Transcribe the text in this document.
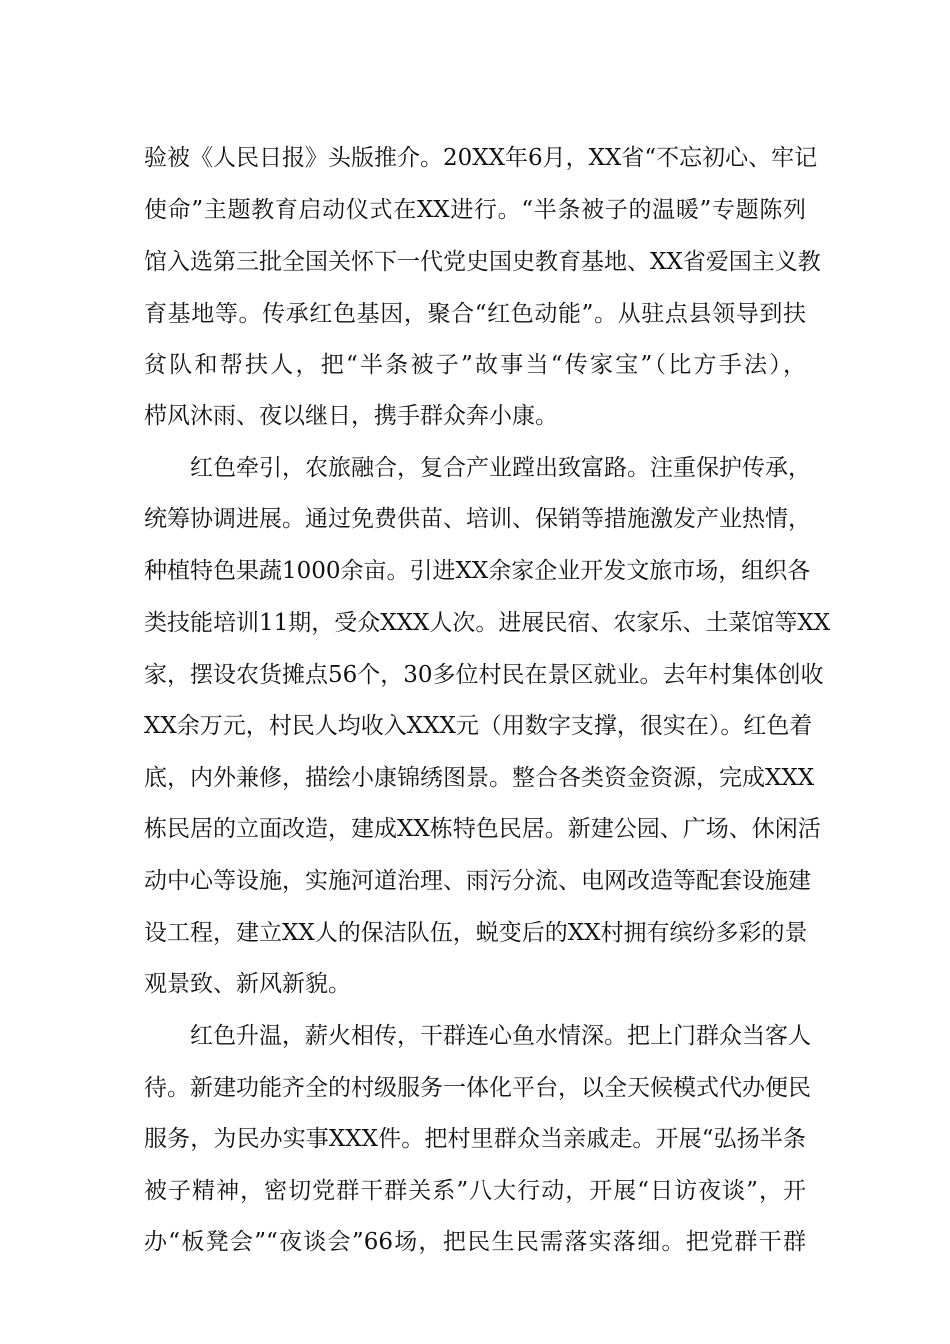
验被《人民日报》头版推介。20XX年6月，XX省“不忘初心、牢记
使命”主题教育启动仪式在XX进行。“半条被子的温暖”专题陈列
馆入选第三批全国关怀下一代党史国史教育基地、XX省爱国主义教
育基地等。传承红色基因，聚合“红色动能”。从驻点县领导到扶
贫队和帮扶人，把“半条被子”故事当“传家宝”（比方手法），
栉风沐雨、夜以继日，携手群众奔小康。
红色牵引，农旅融合，复合产业蹚出致富路。注重保护传承，
统筹协调进展。通过免费供苗、培训、保销等措施激发产业热情，
种植特色果蔬1000余亩。引进XX余家企业开发文旅市场，组织各
类技能培训11期，受众XXX人次。进展民宿、农家乐、土菜馆等XX
家，摆设农货摊点56个，30多位村民在景区就业。去年村集体创收
XX余万元，村民人均收入XXX元（用数字支撑，很实在）。红色着
底，内外兼修，描绘小康锦绣图景。整合各类资金资源，完成XXX
栋民居的立面改造，建成XX栋特色民居。新建公园、广场、休闲活
动中心等设施，实施河道治理、雨污分流、电网改造等配套设施建
设工程，建立XX人的保洁队伍，蜕变后的XX村拥有缤纷多彩的景
观景致、新风新貌。
红色升温，薪火相传，干群连心鱼水情深。把上门群众当客人
待。新建功能齐全的村级服务一体化平台，以全天候模式代办便民
服务，为民办实事XXX件。把村里群众当亲戚走。开展“弘扬半条
被子精神，密切党群干群关系”八大行动，开展“日访夜谈”，开
办“板凳会”“夜谈会”66场，把民生民需落实落细。把党群干群
